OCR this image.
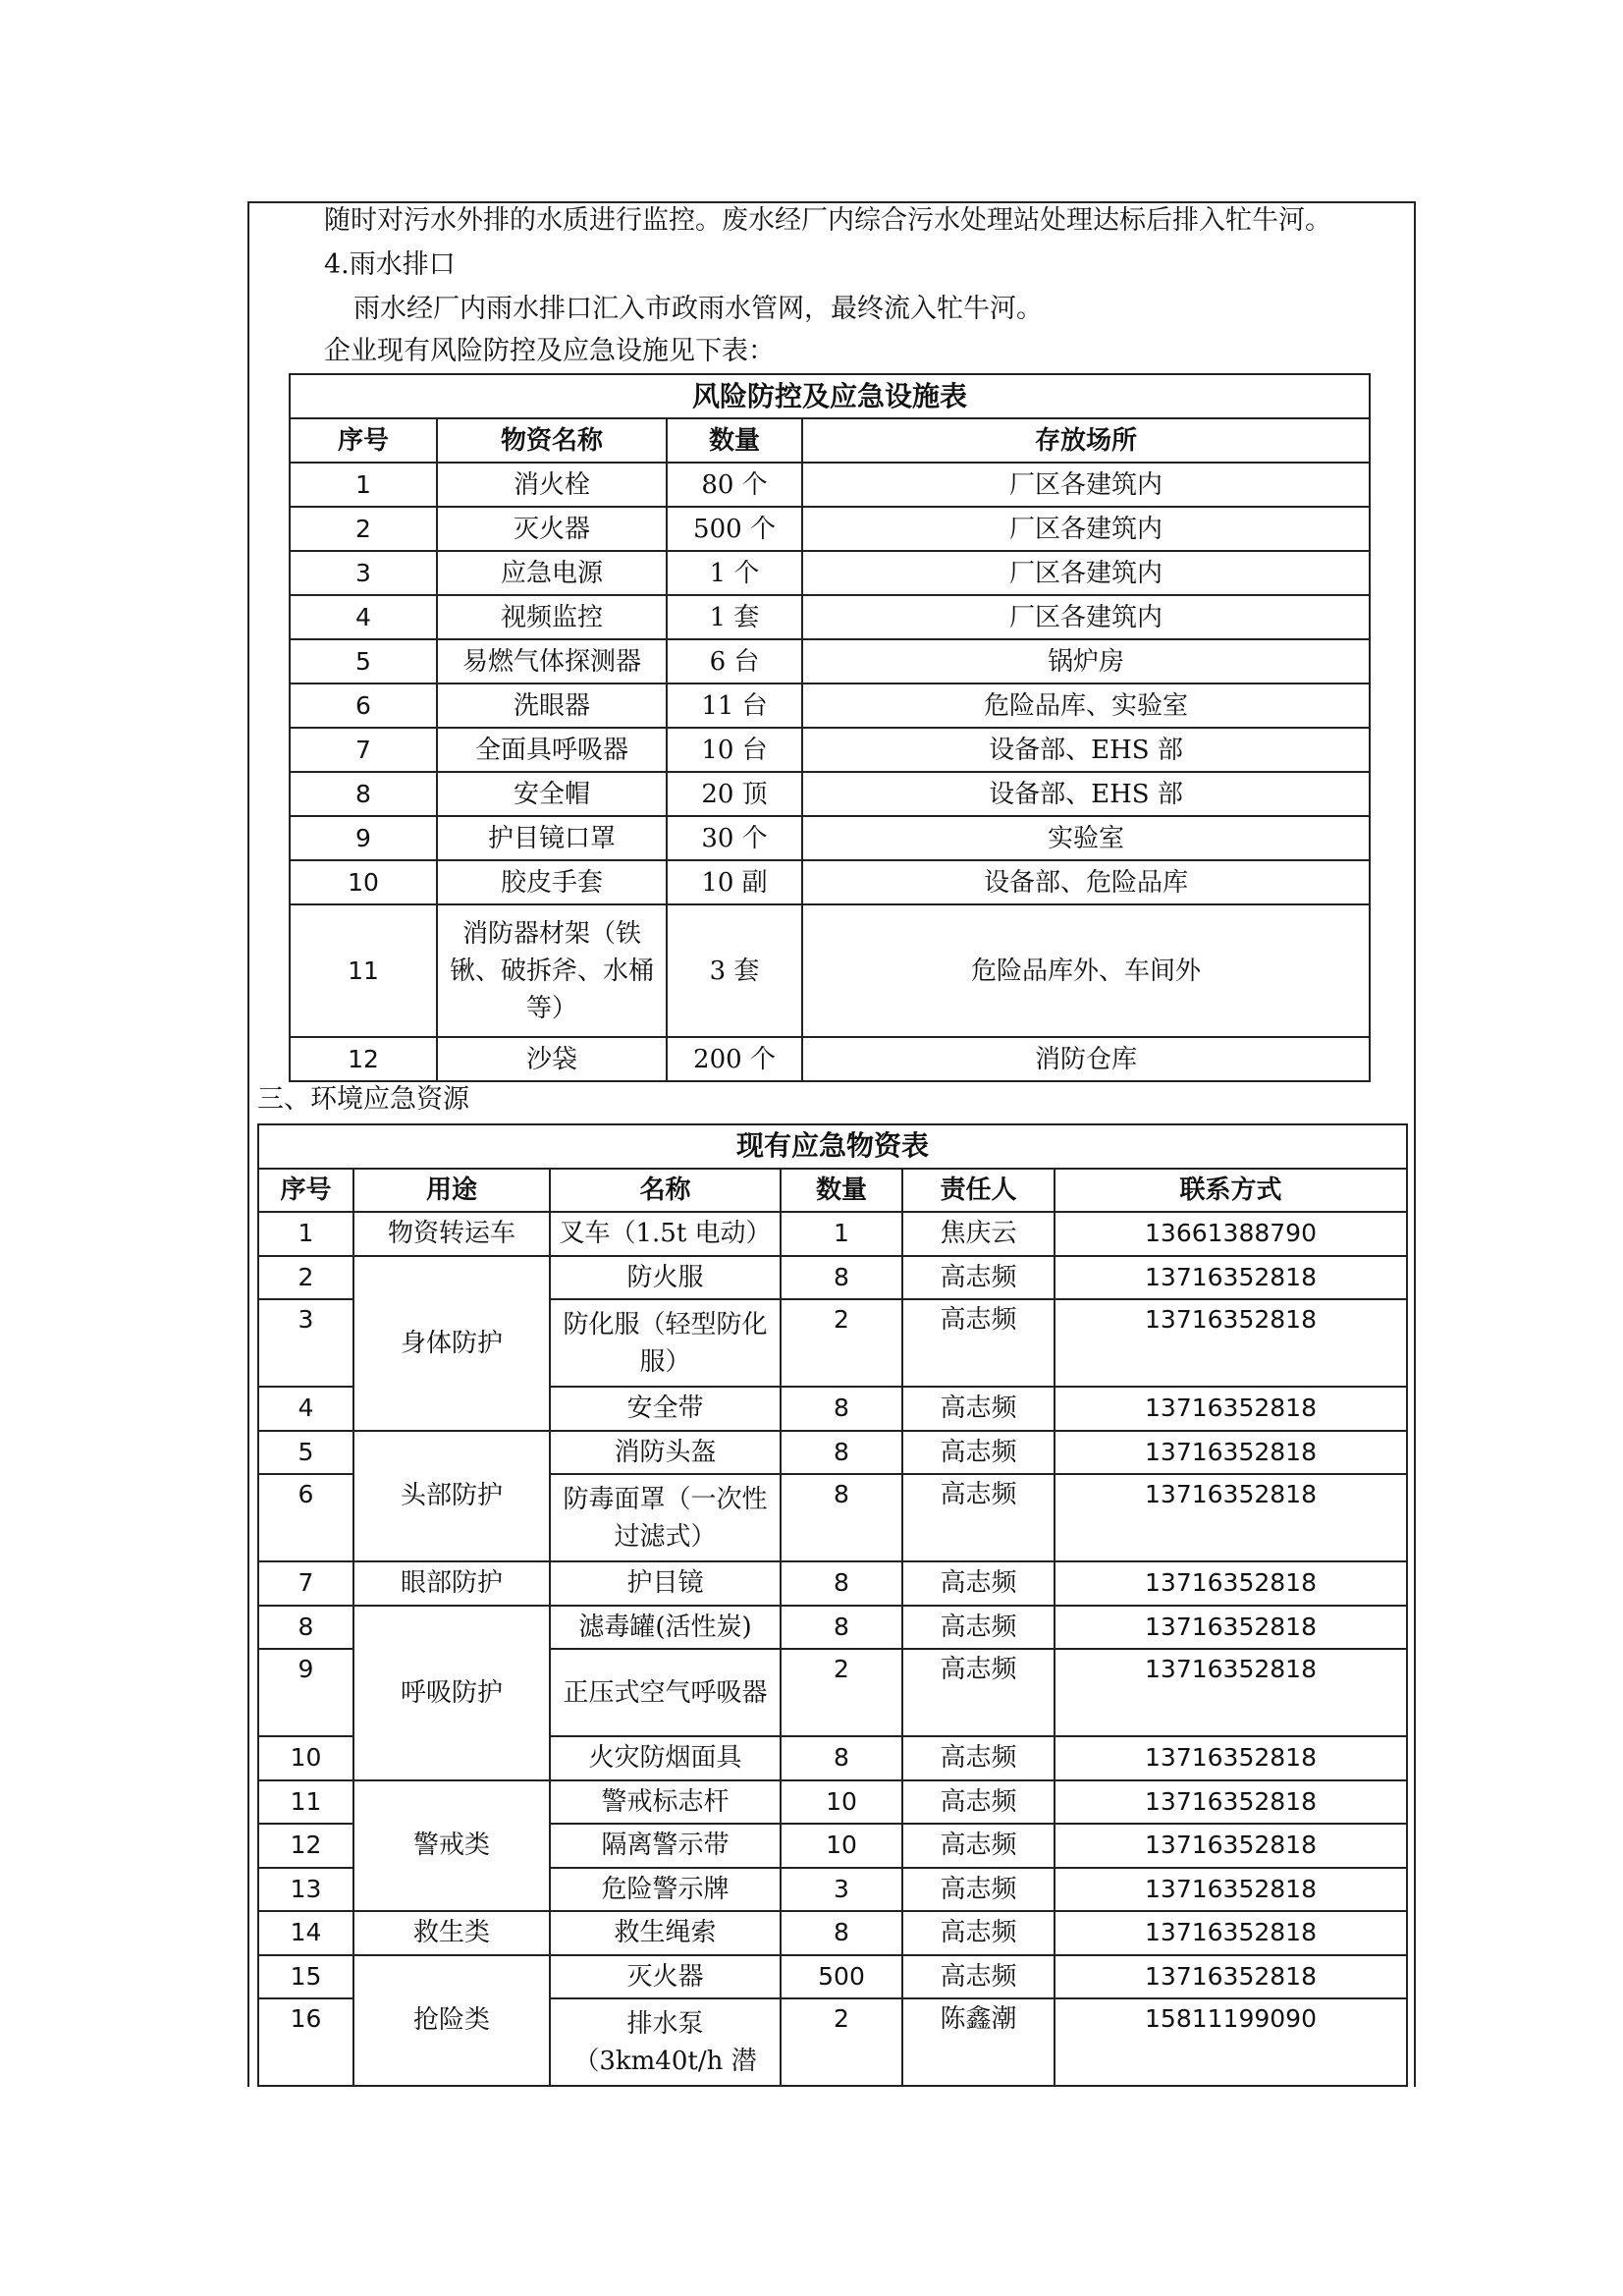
随时对污水外排的水质进行监控。废水经厂内综合污水处理站处理达标后排入牤牛河。
4.雨水排口
雨水经厂内雨水排口汇入市政雨水管网，最终流入牤牛河。
企业现有风险防控及应急设施见下表：
风险防控及应急设施表			
序号	物资名称	数量	存放场所
1	消火栓	80 个	厂区各建筑内
2	灭火器	500 个	厂区各建筑内
3	应急电源	1 个	厂区各建筑内
4	视频监控	1 套	厂区各建筑内
5	易燃气体探测器	6 台	锅炉房
6	洗眼器	11 台	危险品库、实验室
7	全面具呼吸器	10 台	设备部、EHS 部
8	安全帽	20 顶	设备部、EHS 部
9	护目镜口罩	30 个	实验室
10	胶皮手套	10 副	设备部、危险品库
11	消防器材架（铁锹、破拆斧、水桶等）	3 套	危险品库外、车间外
12	沙袋	200 个	消防仓库
三、环境应急资源
现有应急物资表					
序号	用途	名称	数量	责任人	联系方式
1	物资转运车	叉车（1.5t 电动）	1	焦庆云	13661388790
2	身体防护	防火服	8	高志频	13716352818
3		防化服（轻型防化服）	2	高志频	13716352818
4		安全带	8	高志频	13716352818
5	头部防护	消防头盔	8	高志频	13716352818
6		防毒面罩（一次性过滤式）	8	高志频	13716352818
7	眼部防护	护目镜	8	高志频	13716352818
8	呼吸防护	滤毒罐(活性炭)	8	高志频	13716352818
9		正压式空气呼吸器	2	高志频	13716352818
10		火灾防烟面具	8	高志频	13716352818
11	警戒类	警戒标志杆	10	高志频	13716352818
12		隔离警示带	10	高志频	13716352818
13		危险警示牌	3	高志频	13716352818
14	救生类	救生绳索	8	高志频	13716352818
15	抢险类	灭火器	500	高志频	13716352818
16		排水泵（3km40t/h 潜	2	陈鑫潮	15811199090
